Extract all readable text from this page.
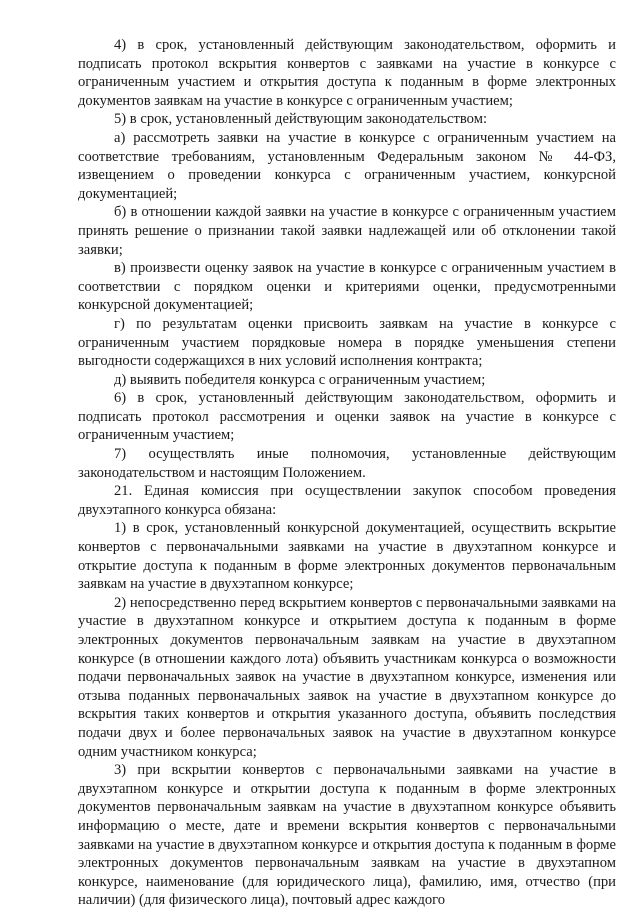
4) в срок, установленный действующим законодательством, оформить и подписать протокол вскрытия конвертов с заявками на участие в конкурсе с ограниченным участием и открытия доступа к поданным в форме электронных документов заявкам на участие в конкурсе с ограниченным участием;

5) в срок, установленный действующим законодательством:

а) рассмотреть заявки на участие в конкурсе с ограниченным участием на соответствие требованиям, установленным Федеральным законом № 44-ФЗ, извещением о проведении конкурса с ограниченным участием, конкурсной документацией;

б) в отношении каждой заявки на участие в конкурсе с ограниченным участием принять решение о признании такой заявки надлежащей или об отклонении такой заявки;

в) произвести оценку заявок на участие в конкурсе с ограниченным участием в соответствии с порядком оценки и критериями оценки, предусмотренными конкурсной документацией;

г) по результатам оценки присвоить заявкам на участие в конкурсе с ограниченным участием порядковые номера в порядке уменьшения степени выгодности содержащихся в них условий исполнения контракта;

д) выявить победителя конкурса с ограниченным участием;

6) в срок, установленный действующим законодательством, оформить и подписать протокол рассмотрения и оценки заявок на участие в конкурсе с ограниченным участием;

7) осуществлять иные полномочия, установленные действующим законодательством и настоящим Положением.

21. Единая комиссия при осуществлении закупок способом проведения двухэтапного конкурса обязана:

1) в срок, установленный конкурсной документацией, осуществить вскрытие конвертов с первоначальными заявками на участие в двухэтапном конкурсе и открытие доступа к поданным в форме электронных документов первоначальным заявкам на участие в двухэтапном конкурсе;

2) непосредственно перед вскрытием конвертов с первоначальными заявками на участие в двухэтапном конкурсе и открытием доступа к поданным в форме электронных документов первоначальным заявкам на участие в двухэтапном конкурсе (в отношении каждого лота) объявить участникам конкурса о возможности подачи первоначальных заявок на участие в двухэтапном конкурсе, изменения или отзыва поданных первоначальных заявок на участие в двухэтапном конкурсе до вскрытия таких конвертов и открытия указанного доступа, объявить последствия подачи двух и более первоначальных заявок на участие в двухэтапном конкурсе одним участником конкурса;

3) при вскрытии конвертов с первоначальными заявками на участие в двухэтапном конкурсе и открытии доступа к поданным в форме электронных документов первоначальным заявкам на участие в двухэтапном конкурсе объявить информацию о месте, дате и времени вскрытия конвертов с первоначальными заявками на участие в двухэтапном конкурсе и открытия доступа к поданным в форме электронных документов первоначальным заявкам на участие в двухэтапном конкурсе, наименование (для юридического лица), фамилию, имя, отчество (при наличии) (для физического лица), почтовый адрес каждого
